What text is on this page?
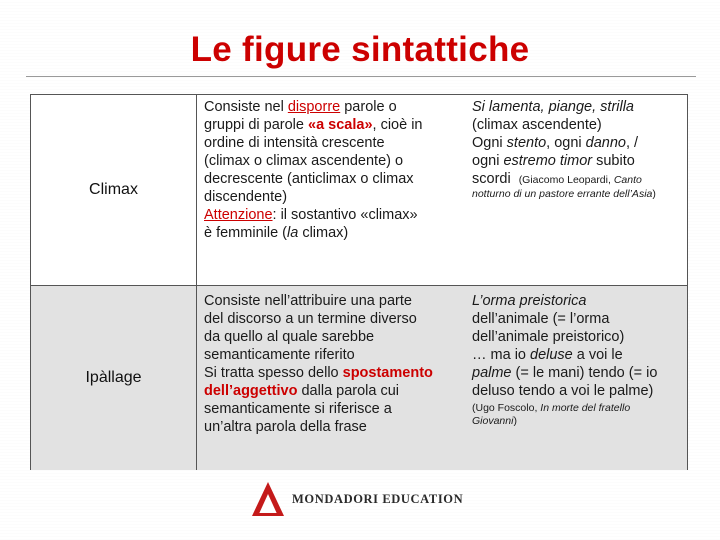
Le figure sintattiche
Climax
Consiste nel disporre parole o
gruppi di parole «a scala», cioè in
ordine di intensità crescente
(climax o climax ascendente) o
decrescente (anticlimax o climax
discendente)
Attenzione: il sostantivo «climax»
è femminile (la climax)
Si lamenta, piange, strilla
(climax ascendente)
Ogni stento, ogni danno, /
ogni estremo timor subito
scordi (Giacomo Leopardi, Canto
notturno di un pastore errante dell’Asia)
Ipàllage
Consiste nell’attribuire una parte
del discorso a un termine diverso
da quello al quale sarebbe
semanticamente riferito
Si tratta spesso dello spostamento
dell’aggettivo dalla parola cui
semanticamente si riferisce a
un’altra parola della frase
L’orma preistorica
dell’animale (= l’orma
dell’animale preistorico)
… ma io deluse a voi le
palme (= le mani) tendo (= io
deluso tendo a voi le palme)
(Ugo Foscolo, In morte del fratello
Giovanni)
MONDADORI EDUCATION
